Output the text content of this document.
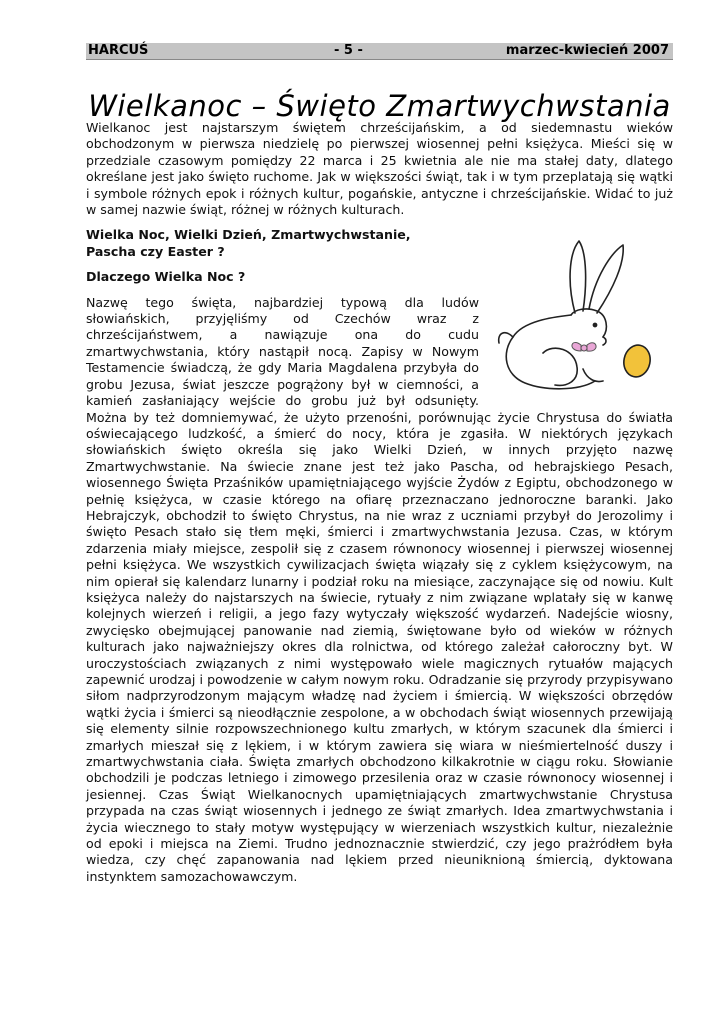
HARCUŚ	- 5 -	marzec-kwiecień 2007
Wielkanoc – Święto Zmartwychwstania

Wielkanoc jest najstarszym świętem chrześcijańskim, a od siedemnastu wieków obchodzonym w pierwsza niedzielę po pierwszej wiosennej pełni księżyca. Mieści się w przedziale czasowym pomiędzy 22 marca i 25 kwietnia ale nie ma stałej daty, dlatego określane jest jako święto ruchome. Jak w większości świąt, tak i w tym przeplatają się wątki i symbole różnych epok i różnych kultur, pogańskie, antyczne i chrześcijańskie. Widać to już w samej nazwie świąt, różnej w różnych kulturach.

Wielka Noc, Wielki Dzień, Zmartwychwstanie, Pascha czy Easter ?

Dlaczego Wielka Noc ?

Nazwę tego święta, najbardziej typową dla ludów słowiańskich, przyjęliśmy od Czechów wraz z chrześcijaństwem, a nawiązuje ona do cudu zmartwychwstania, który nastąpił nocą. Zapisy w Nowym Testamencie świadczą, że gdy Maria Magdalena przybyła do grobu Jezusa, świat jeszcze pogrążony był w ciemności, a kamień zasłaniający wejście do grobu już był odsunięty. Można by też domniemywać, że użyto przenośni, porównując życie Chrystusa do światła oświecającego ludzkość, a śmierć do nocy, która je zgasiła. W niektórych językach słowiańskich święto określa się jako Wielki Dzień, w innych przyjęto nazwę Zmartwychwstanie. Na świecie znane jest też jako Pascha, od hebrajskiego Pesach, wiosennego Święta Przaśników upamiętniającego wyjście Żydów z Egiptu, obchodzonego w pełnię księżyca, w czasie którego na ofiarę przeznaczano jednoroczne baranki. Jako Hebrajczyk, obchodził to święto Chrystus, na nie wraz z uczniami przybył do Jerozolimy i święto Pesach stało się tłem męki, śmierci i zmartwychwstania Jezusa. Czas, w którym zdarzenia miały miejsce, zespolił się z czasem równonocy wiosennej i pierwszej wiosennej pełni księżyca. We wszystkich cywilizacjach święta wiązały się z cyklem księżycowym, na nim opierał się kalendarz lunarny i podział roku na miesiące, zaczynające się od nowiu. Kult księżyca należy do najstarszych na świecie, rytuały z nim związane wplatały się w kanwę kolejnych wierzeń i religii, a jego fazy wytyczały większość wydarzeń. Nadejście wiosny, zwycięsko obejmującej panowanie nad ziemią, świętowane było od wieków w różnych kulturach jako najważniejszy okres dla rolnictwa, od którego zależał całoroczny byt. W uroczystościach związanych z nimi występowało wiele magicznych rytuałów mających zapewnić urodzaj i powodzenie w całym nowym roku. Odradzanie się przyrody przypisywano siłom nadprzyrodzonym mającym władzę nad życiem i śmiercią. W większości obrzędów wątki życia i śmierci są nieodłącznie zespolone, a w obchodach świąt wiosennych przewijają się elementy silnie rozpowszechnionego kultu zmarłych, w którym szacunek dla śmierci i zmarłych mieszał się z lękiem, i w którym zawiera się wiara w nieśmiertelność duszy i zmartwychwstania ciała. Święta zmarłych obchodzono kilkakrotnie w ciągu roku. Słowianie obchodzili je podczas letniego i zimowego przesilenia oraz w czasie równonocy wiosennej i jesiennej. Czas Świąt Wielkanocnych upamiętniających zmartwychwstanie Chrystusa przypada na czas świąt wiosennych i jednego ze świąt zmarłych. Idea zmartwychwstania i życia wiecznego to stały motyw występujący w wierzeniach wszystkich kultur, niezależnie od epoki i miejsca na Ziemi. Trudno jednoznacznie stwierdzić, czy jego prażródłem była wiedza, czy chęć zapanowania nad lękiem przed nieuniknioną śmiercią, dyktowana instynktem samozachowawczym.
